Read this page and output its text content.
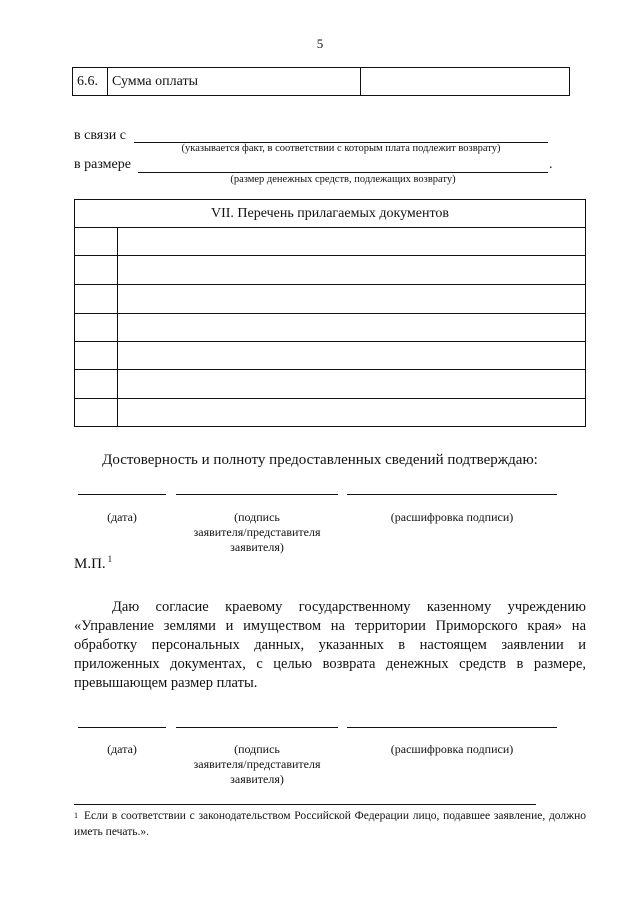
5
6.6.	Сумма оплаты
в связи с
(указывается факт, в соответствии с которым плата подлежит возврату)
в размере	.
(размер денежных средств, подлежащих возврату)
VII. Перечень прилагаемых документов
Достоверность и полноту предоставленных сведений подтверждаю:
(дата)	(подпись
заявителя/представителя
заявителя)
(расшифровка подписи)
М.П. $^1$
Даю согласие краевому государственному казенному учреждению «Управление землями и имуществом на территории Приморского края» на обработку персональных данных, указанных в настоящем заявлении и приложенных документах, с целью возврата денежных средств в размере, превышающем размер платы.
(дата)	(подпись
заявителя/представителя
заявителя)
(расшифровка подписи)
$^1$ Если в соответствии с законодательством Российской Федерации лицо, подавшее заявление, должно иметь печать.».
